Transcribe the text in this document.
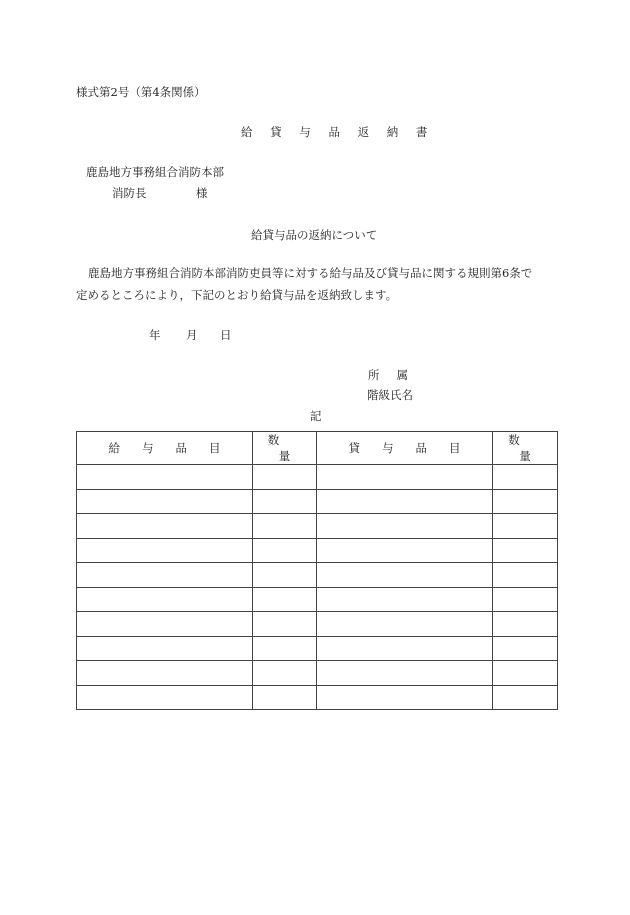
様式第2号（第4条関係）
給 貸 与 品 返 納 書
鹿島地方事務組合消防本部
消防長	様
給貸与品の返納について
鹿島地方事務組合消防本部消防吏員等に対する給与品及び貸与品に関する規則第6条で
定めるところにより，下記のとおり給貸与品を返納致します。
年 月 日
所 属
階級氏名
記
給与品目	数量	貸与品目	数量
